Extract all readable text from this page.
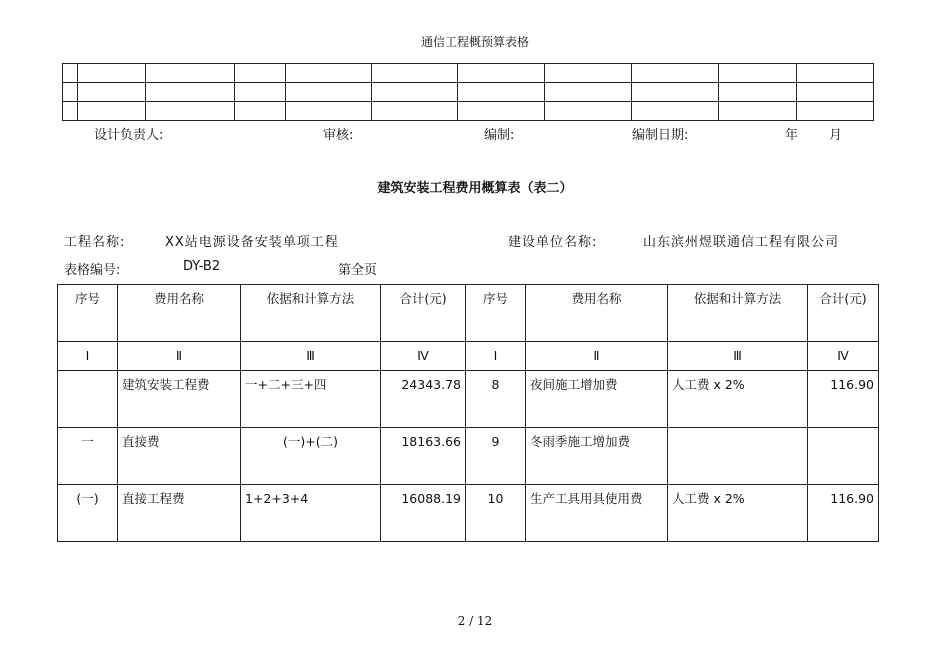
通信工程概预算表格

设计负责人:	审核:	编制:	编制日期:	年 月
建筑安装工程费用概算表（表二）
工程名称:	XX站电源设备安装单项工程	建设单位名称:	山东滨州煜联通信工程有限公司
表格编号:	DY-B2	第全页
序号	费用名称	依据和计算方法	合计(元)	序号	费用名称	依据和计算方法	合计(元)
Ⅰ	Ⅱ	Ⅲ	Ⅳ	Ⅰ	Ⅱ	Ⅲ	Ⅳ
	建筑安装工程费	一+二+三+四	24343.78	8	夜间施工增加费	人工费 x 2%	116.90
一	直接费	(一)+(二)	18163.66	9	冬雨季施工增加费		
(一)	直接工程费	1+2+3+4	16088.19	10	生产工具用具使用费	人工费 x 2%	116.90
2 / 12
